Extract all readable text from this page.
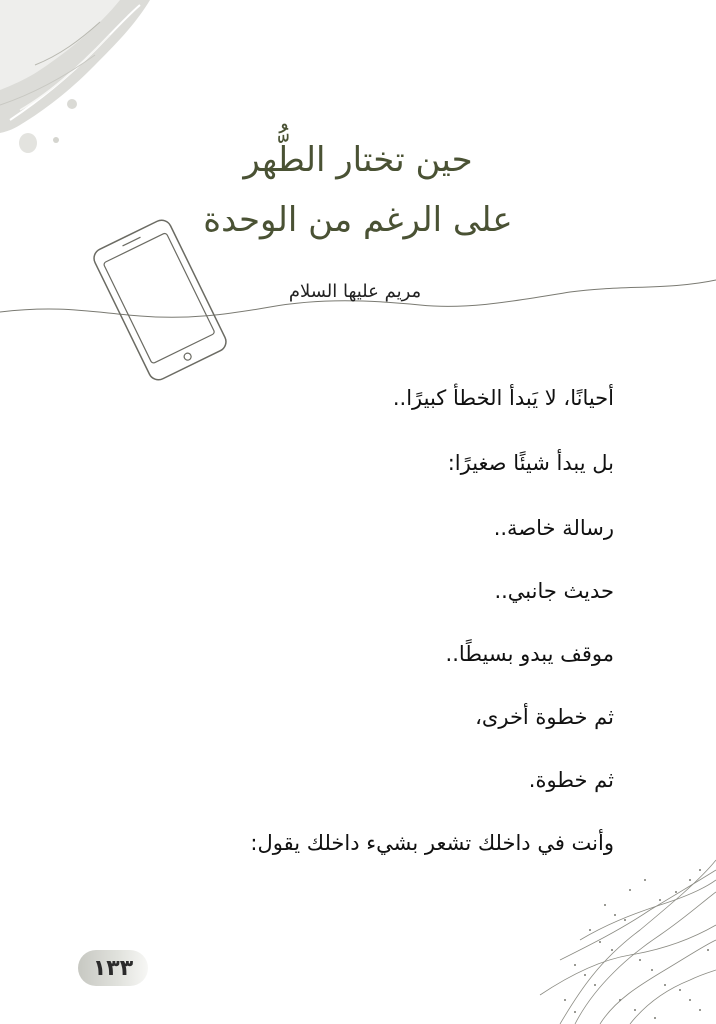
حين تختار الطُّهر
على الرغم من الوحدة
مريم عليها السلام
أحيانًا، لا يَبدأ الخطأ كبيرًا..
بل يبدأ شيئًا صغيرًا:
رسالة خاصة..
حديث جانبي..
موقف يبدو بسيطًا..
ثم خطوة أخرى،
ثم خطوة.
وأنت في داخلك تشعر بشيء داخلك يقول:
١٣٣
